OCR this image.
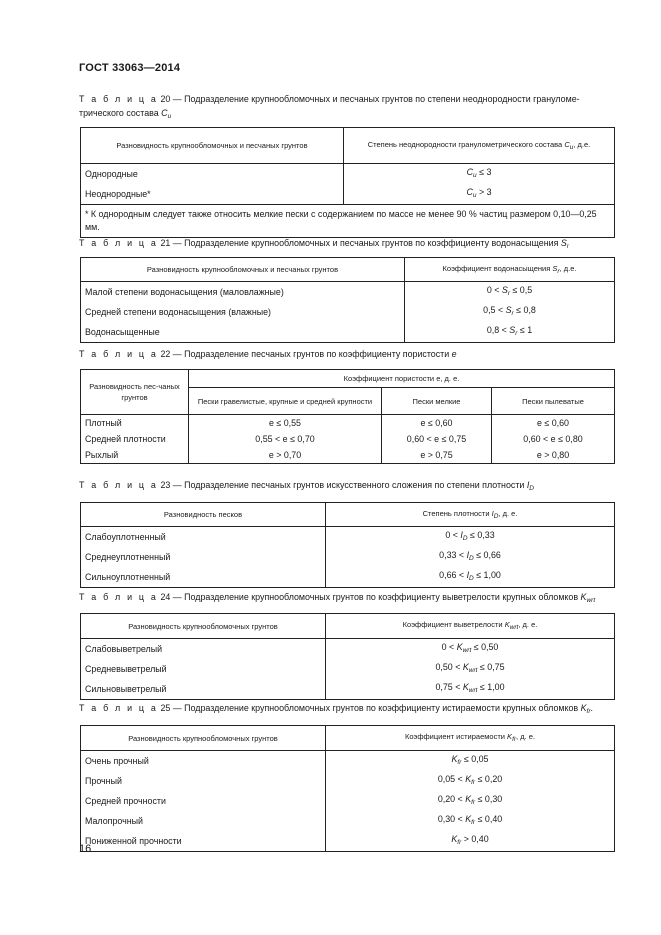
ГОСТ 33063—2014
Т а б л и ц а 20 — Подразделение крупнообломочных и песчаных грунтов по степени неоднородности грануломе-трического состава $C_u$
Разновидность крупнообломочных и песчаных грунтов	Степень неоднородности гранулометрического состава $C_u$, д.е.
Однородные	$C_u \le 3$
Неоднородные*	$C_u > 3$
* К однородным следует также относить мелкие пески с содержанием по массе не менее 90 % частиц размером 0,10—0,25 мм.	
Т а б л и ц а 21 — Подразделение крупнообломочных и песчаных грунтов по коэффициенту водонасыщения $S_r$
Разновидность крупнообломочных и песчаных грунтов	Коэффициент водонасыщения $S_r$, д.е.
Малой степени водонасыщения (маловлажные)	$0 < S_r \le 0,5$
Средней степени водонасыщения (влажные)	$0,5 < S_r \le 0,8$
Водонасыщенные	$0,8 < S_r \le 1$
Т а б л и ц а 22 — Подразделение песчаных грунтов по коэффициенту пористости e
Разновидность пес-чаных грунтов	Коэффициент пористости e, д. е.		
	Пески гравелистые, крупные и средней крупности	Пески мелкие	Пески пылеватые
Плотный	e ≤ 0,55	e ≤ 0,60	e ≤ 0,60
Средней плотности	0,55 < e ≤ 0,70	0,60 < e ≤ 0,75	0,60 < e ≤ 0,80
Рыхлый	e > 0,70	e > 0,75	e > 0,80
Т а б л и ц а 23 — Подразделение песчаных грунтов искусственного сложения по степени плотности $I_D$
Разновидность песков	Степень плотности $I_D$, д. е.
Слабоуплотненный	$0 < I_D \le 0,33$
Среднеуплотненный	$0,33 < I_D \le 0,66$
Сильноуплотненный	$0,66 < I_D \le 1,00$
Т а б л и ц а 24 — Подразделение крупнообломочных грунтов по коэффициенту выветрелости крупных обломков $K_{wrt}$
Разновидность крупнообломочных грунтов	Коэффициент выветрелости $K_{wrt}$, д. е.
Слабовыветрелый	$0 < K_{wrt} \le 0,50$
Средневыветрелый	$0,50 < K_{wrt} \le 0,75$
Сильновыветрелый	$0,75 < K_{wrt} \le 1,00$
Т а б л и ц а 25 — Подразделение крупнообломочных грунтов по коэффициенту истираемости крупных обломков $K_{fr}$.
Разновидность крупнообломочных грунтов	Коэффициент истираемости $K_{fr}$, д. е.
Очень прочный	$K_{fr} \le 0,05$
Прочный	$0,05 < K_{fr} \le 0,20$
Средней прочности	$0,20 < K_{fr} \le 0,30$
Малопрочный	$0,30 < K_{fr} \le 0,40$
Пониженной прочности	$K_{fr} > 0,40$
16
